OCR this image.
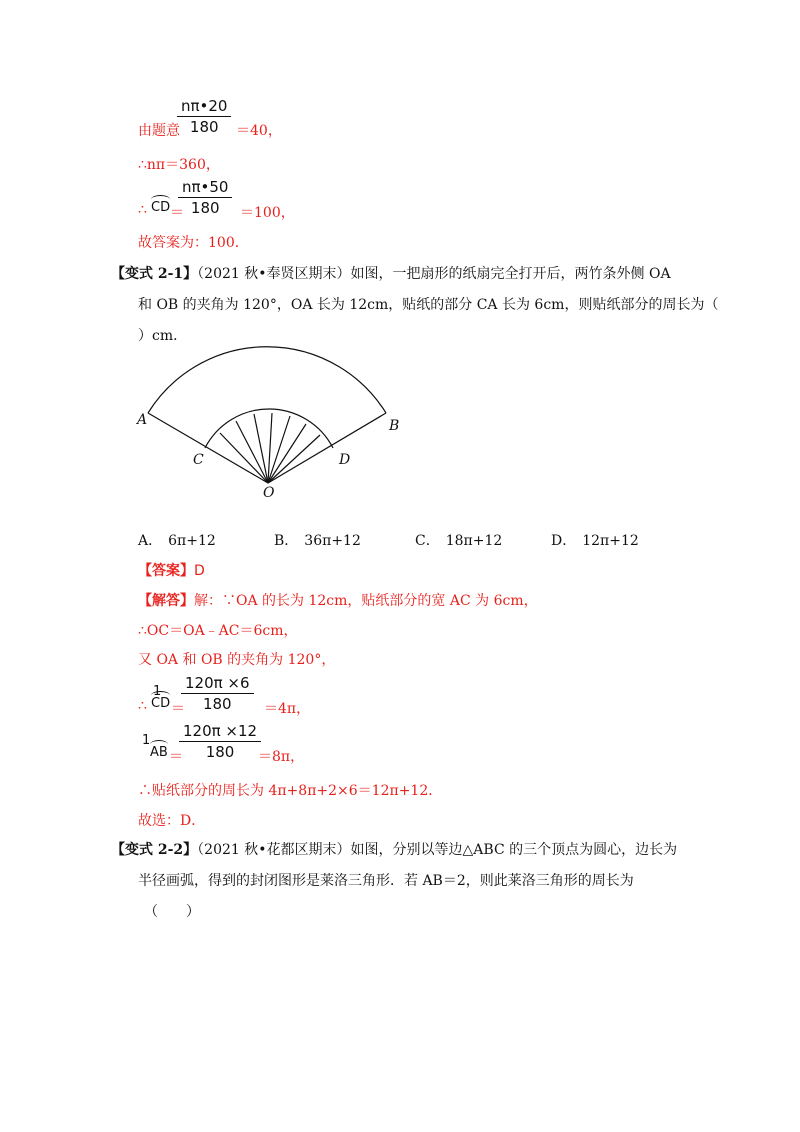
$\frac{n\pi•20}{180}$
由题意	＝40，
∴nπ＝360，
$\frac{n\pi•50}{180}$
∴ CD ＝	＝100，
故答案为：100．
【变式 2-1】（2021 秋•奉贤区期末）如图，一把扇形的纸扇完全打开后，两竹条外侧 OA
和 OB 的夹角为 120°，OA 长为 12cm，贴纸的部分 CA 长为 6cm，则贴纸部分的周长为（
）cm．
A	B
C	D
O
A． 6π+12	B． 36π+12	C． 18π+12	D． 12π+12
【答案】D
【解答】解：∵OA 的长为 12cm，贴纸部分的宽 AC 为 6cm，
∴OC＝OA﹣AC＝6cm，
又 OA 和 OB 的夹角为 120°，
$\frac{120\pi \times 6}{180}$
∴
1
CD ＝	＝4π，
$\frac{120\pi \times 12}{180}$
1
AB ＝	＝8π，
∴贴纸部分的周长为 4π+8π+2×6＝12π+12．
故选：D．
【变式 2-2】（2021 秋•花都区期末）如图，分别以等边△ABC 的三个顶点为圆心，边长为
半径画弧，得到的封闭图形是莱洛三角形．若 AB＝2，则此莱洛三角形的周长为
（　　）
